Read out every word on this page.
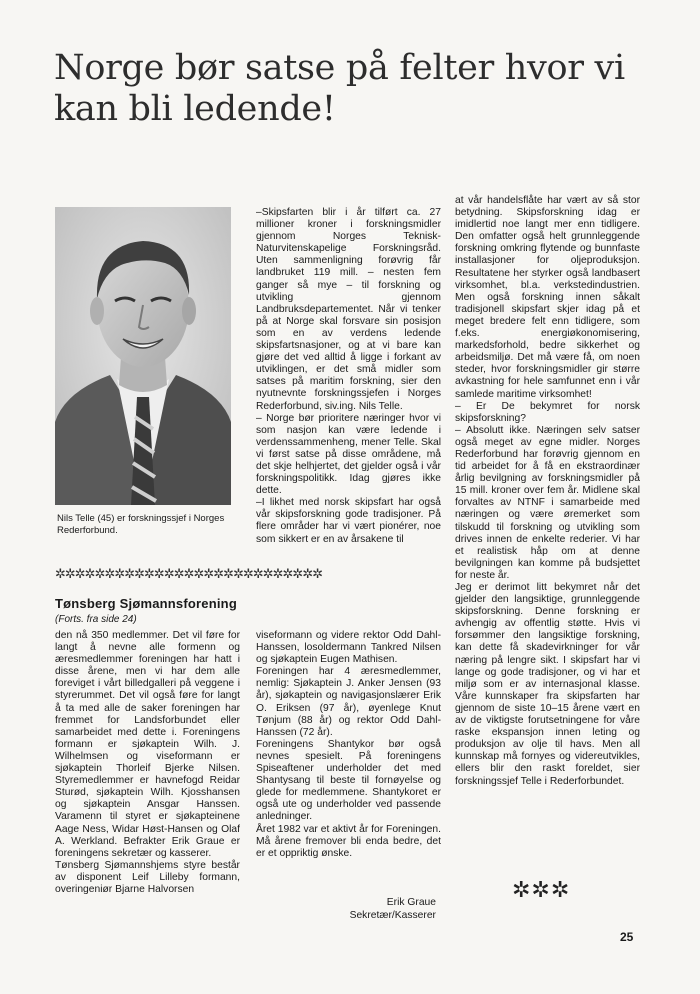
Norge bør satse på felter hvor vi kan bli ledende!

Nils Telle (45) er forskningssjef i Norges Rederforbund.

–Skipsfarten blir i år tilført ca. 27 millioner kroner i forskningsmidler gjennom Norges Teknisk-Naturvitenskapelige Forskningsråd. Uten sammenligning forøvrig får landbruket 119 mill. – nesten fem ganger så mye – til forskning og utvikling gjennom Landbruksdepartementet. Når vi tenker på at Norge skal forsvare sin posisjon som en av verdens ledende skipsfartsnasjoner, og at vi bare kan gjøre det ved alltid å ligge i forkant av utviklingen, er det små midler som satses på maritim forskning, sier den nyutnevnte forskningssjefen i Norges Rederforbund, siv.ing. Nils Telle.
– Norge bør prioritere næringer hvor vi som nasjon kan være ledende i verdenssammenheng, mener Telle. Skal vi først satse på disse områdene, må det skje helhjertet, det gjelder også i vår forskningspolitikk. Idag gjøres ikke dette.
–I likhet med norsk skipsfart har også vår skipsforskning gode tradisjoner. På flere områder har vi vært pionérer, noe som sikkert er en av årsakene til

at vår handelsflåte har vært av så stor betydning. Skipsforskning idag er imidlertid noe langt mer enn tidligere. Den omfatter også helt grunnleggende forskning omkring flytende og bunnfaste installasjoner for oljeproduksjon. Resultatene her styrker også landbasert virksomhet, bl.a. verkstedindustrien. Men også forskning innen såkalt tradisjonell skipsfart skjer idag på et meget bredere felt enn tidligere, som f.eks. energiøkonomisering, markedsforhold, bedre sikkerhet og arbeidsmiljø. Det må være få, om noen steder, hvor forskningsmidler gir større avkastning for hele samfunnet enn i vår samlede maritime virksomhet!
– Er De bekymret for norsk skipsforskning?
– Absolutt ikke. Næringen selv satser også meget av egne midler. Norges Rederforbund har forøvrig gjennom en tid arbeidet for å få en ekstraordinær årlig bevilgning av forskningsmidler på 15 mill. kroner over fem år. Midlene skal forvaltes av NTNF i samarbeide med næringen og være øremerket som tilskudd til forskning og utvikling som drives innen de enkelte rederier. Vi har et realistisk håp om at denne bevilgningen kan komme på budsjettet for neste år.
Jeg er derimot litt bekymret når det gjelder den langsiktige, grunnleggende skipsforskning. Denne forskning er avhengig av offentlig støtte. Hvis vi forsømmer den langsiktige forskning, kan dette få skadevirkninger for vår næring på lengre sikt. I skipsfart har vi lange og gode tradisjoner, og vi har et miljø som er av internasjonal klasse. Våre kunnskaper fra skipsfarten har gjennom de siste 10–15 årene vært en av de viktigste forutsetningene for våre raske ekspansjon innen leting og produksjon av olje til havs. Men all kunnskap må fornyes og videreutvikles, ellers blir den raskt foreldet, sier forskningssjef Telle i Rederforbundet.

✲✲✲✲✲✲✲✲✲✲✲✲✲✲✲✲✲✲✲✲✲✲✲✲✲✲✲
Tønsberg Sjømannsforening

(Forts. fra side 24)

den nå 350 medlemmer. Det vil føre for langt å nevne alle formenn og æresmedlemmer foreningen har hatt i disse årene, men vi har dem alle foreviget i vårt billedgalleri på veggene i styrerummet. Det vil også føre for langt å ta med alle de saker foreningen har fremmet for Landsforbundet eller samarbeidet med dette i. Foreningens formann er sjøkaptein Wilh. J. Wilhelmsen og viseformann er sjøkaptein Thorleif Bjerke Nilsen. Styremedlemmer er havnefogd Reidar Sturød, sjøkaptein Wilh. Kjosshansen og sjøkaptein Ansgar Hanssen. Varamenn til styret er sjøkapteinene Aage Ness, Widar Høst-Hansen og Olaf A. Werkland. Befrakter Erik Graue er foreningens sekretær og kasserer.
Tønsberg Sjømannshjems styre består av disponent Leif Lilleby formann, overingeniør Bjarne Halvorsen

viseformann og videre rektor Odd Dahl-Hanssen, losoldermann Tankred Nilsen og sjøkaptein Eugen Mathisen.
Foreningen har 4 æresmedlemmer, nemlig: Sjøkaptein J. Anker Jensen (93 år), sjøkaptein og navigasjonslærer Erik O. Eriksen (97 år), øyenlege Knut Tønjum (88 år) og rektor Odd Dahl-Hanssen (72 år).
Foreningens Shantykor bør også nevnes spesielt. På foreningens Spiseaftener underholder det med Shantysang til beste til fornøyelse og glede for medlemmene. Shantykoret er også ute og underholder ved passende anledninger.
Året 1982 var et aktivt år for Foreningen. Må årene fremover bli enda bedre, det er et oppriktig ønske.

Erik Graue
Sekretær/Kasserer

✲✲✲

25
